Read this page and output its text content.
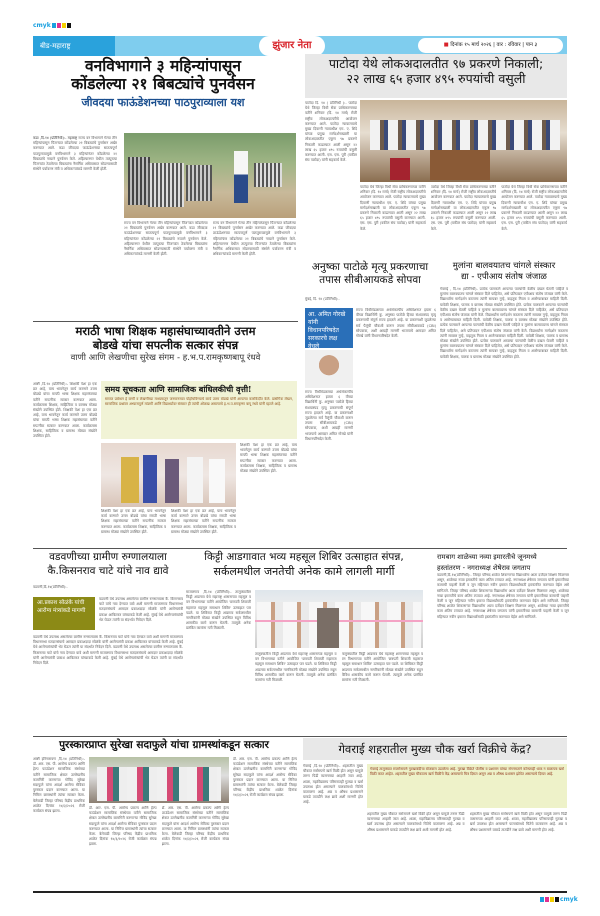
cmyk
बीड-महाराष्ट्र	झुंजार नेता	■ दिनांक १५ मार्च २०२६ | वार : रविवार | पान ३
वनविभागाने ३ महिन्यांपासून
कोंडलेल्या २१ बिबट्यांचे पुनर्वसन
जीवदया फाऊंडेशनच्या पाठपुराव्याला यश
कडा ,दि.१४ (प्रतिनिधी):- महाराष्ट्र राज्य वन विभागाने गेल्या तीन महिन्यांपासून पिंजऱ्यात कोंडलेल्या २१ बिबट्यांचे पुनर्वसन अखेर करण्यात आले. कडा जीवदया फाऊंडेशनच्या सातत्यपूर्ण पाठपुराव्यामुळे वनविभागाने ३ महिन्यांनंतर कोंडलेल्या २१ बिबट्यांचे नव्याने पुनर्वसन केले. अहिल्यानगर येथील तात्पुरत्या पिंजऱ्यांत ठेवलेल्या बिबट्यांना नैसर्गिक अधिवासात सोडण्यासाठी संस्थेने पर्यावरण मंत्री व अधिकाऱ्यांकडे मागणी केली होती.
राज्य वन विभागाने गेल्या तीन महिन्यांपासून पिंजऱ्यात कोंडलेल्या २१ बिबट्यांचे पुनर्वसन अखेर करण्यात आले. कडा जीवदया फाऊंडेशनच्या सातत्यपूर्ण पाठपुराव्यामुळे वनविभागाने ३ महिन्यांनंतर कोंडलेल्या २१ बिबट्यांचे नव्याने पुनर्वसन केले. अहिल्यानगर येथील तात्पुरत्या पिंजऱ्यांत ठेवलेल्या बिबट्यांना नैसर्गिक अधिवासात सोडण्यासाठी संस्थेने पर्यावरण मंत्री व अधिकाऱ्यांकडे मागणी केली होती.
राज्य वन विभागाने गेल्या तीन महिन्यांपासून पिंजऱ्यात कोंडलेल्या २१ बिबट्यांचे पुनर्वसन अखेर करण्यात आले. कडा जीवदया फाऊंडेशनच्या सातत्यपूर्ण पाठपुराव्यामुळे वनविभागाने ३ महिन्यांनंतर कोंडलेल्या २१ बिबट्यांचे नव्याने पुनर्वसन केले. अहिल्यानगर येथील तात्पुरत्या पिंजऱ्यांत ठेवलेल्या बिबट्यांना नैसर्गिक अधिवासात सोडण्यासाठी संस्थेने पर्यावरण मंत्री व अधिकाऱ्यांकडे मागणी केली होती.
पाटोदा येथे लोकअदालतीत ९७ प्रकरणे निकाली;
२२ लाख ६५ हजार ४९५ रुपयांची वसुली
पाटोदा दि. १४ ( प्रतिनिधी ):- पाटोदा येथे जिल्हा विधी सेवा प्राधिकरणाच्या वतीने शनिवार (दि. १४ मार्च) रोजी राष्ट्रीय लोकअदालतीचे आयोजन करण्यात आले. पाटोदा न्यायालयाचे मुख्य दिवाणी न्यायाधीश एम. ए. शिंदे यांच्या प्रमुख मार्गदर्शनाखाली या लोकअदालतीत एकूण ९७ प्रकरणे निकाली काढण्यात आली असून २२ लाख ६५ हजार ४९५ रुपयांची वसुली करण्यात आली. एस. एस. पुरी (वकील संघ पाटोदा) यांनी सहकार्य केले.
पाटोदा येथे जिल्हा विधी सेवा प्राधिकरणाच्या वतीने शनिवार (दि. १४ मार्च) रोजी राष्ट्रीय लोकअदालतीचे आयोजन करण्यात आले. पाटोदा न्यायालयाचे मुख्य दिवाणी न्यायाधीश एम. ए. शिंदे यांच्या प्रमुख मार्गदर्शनाखाली या लोकअदालतीत एकूण ९७ प्रकरणे निकाली काढण्यात आली असून २२ लाख ६५ हजार ४९५ रुपयांची वसुली करण्यात आली. एस. एस. पुरी (वकील संघ पाटोदा) यांनी सहकार्य केले.
पाटोदा येथे जिल्हा विधी सेवा प्राधिकरणाच्या वतीने शनिवार (दि. १४ मार्च) रोजी राष्ट्रीय लोकअदालतीचे आयोजन करण्यात आले. पाटोदा न्यायालयाचे मुख्य दिवाणी न्यायाधीश एम. ए. शिंदे यांच्या प्रमुख मार्गदर्शनाखाली या लोकअदालतीत एकूण ९७ प्रकरणे निकाली काढण्यात आली असून २२ लाख ६५ हजार ४९५ रुपयांची वसुली करण्यात आली. एस. एस. पुरी (वकील संघ पाटोदा) यांनी सहकार्य केले.
पाटोदा येथे जिल्हा विधी सेवा प्राधिकरणाच्या वतीने शनिवार (दि. १४ मार्च) रोजी राष्ट्रीय लोकअदालतीचे आयोजन करण्यात आले. पाटोदा न्यायालयाचे मुख्य दिवाणी न्यायाधीश एम. ए. शिंदे यांच्या प्रमुख मार्गदर्शनाखाली या लोकअदालतीत एकूण ९७ प्रकरणे निकाली काढण्यात आली असून २२ लाख ६५ हजार ४९५ रुपयांची वसुली करण्यात आली. एस. एस. पुरी (वकील संघ पाटोदा) यांनी सहकार्य केले.
अनुष्का पाटोळे मृत्यू प्रकरणाचा
तपास सीबीआयकडे सोपवा
मुंबई, दि. १४ (प्रतिनिधी):-
आ. अमित गोरखे यांनी विधानपरिषदेत सरकारचे लक्ष वेधले
राज्य विधीमंडळाच्या अर्थसंकल्पीय अधिवेशनात इयत्ता ६ वीच्या विद्यार्थिनी कु. अनुष्का पाटोळे हिच्या संशयास्पद मृत्यू प्रकरणाची संपूर्ण राज्य हादरले आहे. या प्रकरणाशी जुडलेल्या सर्व पैलूंची चौकशी करून तपास सीबीआयकडे (CBI) सोपवावा, अशी आग्रही मागणी भाजपाचे आमदार अमित गोरखे यांनी विधानपरिषदेत केली.
राज्य विधीमंडळाच्या अर्थसंकल्पीय अधिवेशनात इयत्ता ६ वीच्या विद्यार्थिनी कु. अनुष्का पाटोळे हिच्या संशयास्पद मृत्यू प्रकरणाची संपूर्ण राज्य हादरले आहे. या प्रकरणाशी जुडलेल्या सर्व पैलूंची चौकशी करून तपास सीबीआयकडे (CBI) सोपवावा, अशी आग्रही मागणी भाजपाचे आमदार अमित गोरखे यांनी विधानपरिषदेत केली.
मुलांना बालवयातच चांगले संस्कार
द्या - एपीआय संतोष जंजाळ
गेवराई , दि.१४ (प्रतिनिधी)- प्रत्येक पालकाने आपल्या पाल्यांची वेळीच दखल घेतली पाहिजे व मुलांना बालवयातच चांगले संस्कार दिले पाहिजेत, असे प्रतिपादन एपीआय संतोष जंजाळ यांनी केले. विद्यार्थ्यांना मार्गदर्शन करताना त्यांनी सायबर गुन्हे, वाहतूक नियम व आरोग्याबाबत माहिती दिली. यावेळी शिक्षक, पालक व ग्रामस्थ मोठ्या संख्येने उपस्थित होते. प्रत्येक पालकाने आपल्या पाल्यांची वेळीच दखल घेतली पाहिजे व मुलांना बालवयातच चांगले संस्कार दिले पाहिजेत, असे प्रतिपादन एपीआय संतोष जंजाळ यांनी केले. विद्यार्थ्यांना मार्गदर्शन करताना त्यांनी सायबर गुन्हे, वाहतूक नियम व आरोग्याबाबत माहिती दिली. यावेळी शिक्षक, पालक व ग्रामस्थ मोठ्या संख्येने उपस्थित होते. प्रत्येक पालकाने आपल्या पाल्यांची वेळीच दखल घेतली पाहिजे व मुलांना बालवयातच चांगले संस्कार दिले पाहिजेत, असे प्रतिपादन एपीआय संतोष जंजाळ यांनी केले. विद्यार्थ्यांना मार्गदर्शन करताना त्यांनी सायबर गुन्हे, वाहतूक नियम व आरोग्याबाबत माहिती दिली. यावेळी शिक्षक, पालक व ग्रामस्थ मोठ्या संख्येने उपस्थित होते. प्रत्येक पालकाने आपल्या पाल्यांची वेळीच दखल घेतली पाहिजे व मुलांना बालवयातच चांगले संस्कार दिले पाहिजेत, असे प्रतिपादन एपीआय संतोष जंजाळ यांनी केले. विद्यार्थ्यांना मार्गदर्शन करताना त्यांनी सायबर गुन्हे, वाहतूक नियम व आरोग्याबाबत माहिती दिली. यावेळी शिक्षक, पालक व ग्रामस्थ मोठ्या संख्येने उपस्थित होते.
मराठी भाषा शिक्षक महासंघाच्यावतीने उत्तम
बोडखे यांचा सपत्नीक सत्कार संपन्न
वाणी आणि लेखणीचा सुरेख संगम - ह.भ.प.रामकृष्णबापू रंधवे
आष्टी ,दि.१४ (प्रतिनिधी):- शिक्षकी पेशा हा एक व्रत आहे, याच भावनेतून कार्य करणारे उत्तम बोडखे यांचा मराठी भाषा शिक्षक महासंघाच्या वतीने सपत्नीक सत्कार करण्यात आला. कार्यक्रमास शिक्षक, साहित्यिक व ग्रामस्थ मोठ्या संख्येने उपस्थित होते. शिक्षकी पेशा हा एक व्रत आहे, याच भावनेतून कार्य करणारे उत्तम बोडखे यांचा मराठी भाषा शिक्षक महासंघाच्या वतीने सपत्नीक सत्कार करण्यात आला. कार्यक्रमास शिक्षक, साहित्यिक व ग्रामस्थ मोठ्या संख्येने उपस्थित होते.
समय सूचकता आणि सामाजिक बांधिलकीची वृत्ती!
समाज प्रबोधन हे वाणी व लेखणीच्या माध्यमातून जनमानसात पोहोचविण्याचे कार्य उत्तम बोडखे यांनी आपल्या कारकिर्दीत केले. प्रासंगिक लेखन, सामाजिक प्रश्नांवर अभ्यासपूर्ण मांडणी आणि विद्यार्थ्यांवर संस्कार ही त्यांची ओळख असल्याचे ह.भ.प.रामकृष्ण बापू रंधवे यांनी म्हटले आहे.
शिक्षकी पेशा हा एक व्रत आहे, याच भावनेतून कार्य करणारे उत्तम बोडखे यांचा मराठी भाषा शिक्षक महासंघाच्या वतीने सपत्नीक सत्कार करण्यात आला. कार्यक्रमास शिक्षक, साहित्यिक व ग्रामस्थ मोठ्या संख्येने उपस्थित होते.
शिक्षकी पेशा हा एक व्रत आहे, याच भावनेतून कार्य करणारे उत्तम बोडखे यांचा मराठी भाषा शिक्षक महासंघाच्या वतीने सपत्नीक सत्कार करण्यात आला. कार्यक्रमास शिक्षक, साहित्यिक व ग्रामस्थ मोठ्या संख्येने उपस्थित होते.
शिक्षकी पेशा हा एक व्रत आहे, याच भावनेतून कार्य करणारे उत्तम बोडखे यांचा मराठी भाषा शिक्षक महासंघाच्या वतीने सपत्नीक सत्कार करण्यात आला. कार्यक्रमास शिक्षक, साहित्यिक व ग्रामस्थ मोठ्या संख्येने उपस्थित होते.
वडवणीच्या ग्रामीण रुग्णालयाला
कै.किसनराव चाटे यांचे नाव द्यावे
वडवणी,दि.१४(प्रतिनिधी):-
आ.प्रकाश सोळंके यांची आरोग्य मंत्र्यांकडे मागणी
वडवणी येथे उपलब्ध असलेल्या ग्रामीण रुग्णालयास कै. किसनराव चाटे यांचे नाव देण्यात यावे अशी मागणी माजलगाव विधानसभा मतदारसंघाचे आमदार प्रकाशदादा सोळंके यांनी आरोग्यमंत्री प्रकाश आबिटकर यांच्याकडे केली आहे. मुंबई येथे आरोग्यमंत्र्यांची भेट घेऊन त्यांनी या संदर्भात निवेदन दिले.
वडवणी येथे उपलब्ध असलेल्या ग्रामीण रुग्णालयास कै. किसनराव चाटे यांचे नाव देण्यात यावे अशी मागणी माजलगाव विधानसभा मतदारसंघाचे आमदार प्रकाशदादा सोळंके यांनी आरोग्यमंत्री प्रकाश आबिटकर यांच्याकडे केली आहे. मुंबई येथे आरोग्यमंत्र्यांची भेट घेऊन त्यांनी या संदर्भात निवेदन दिले. वडवणी येथे उपलब्ध असलेल्या ग्रामीण रुग्णालयास कै. किसनराव चाटे यांचे नाव देण्यात यावे अशी मागणी माजलगाव विधानसभा मतदारसंघाचे आमदार प्रकाशदादा सोळंके यांनी आरोग्यमंत्री प्रकाश आबिटकर यांच्याकडे केली आहे. मुंबई येथे आरोग्यमंत्र्यांची भेट घेऊन त्यांनी या संदर्भात निवेदन दिले.
किट्टी आडगावात भव्य महसूल शिबिर उत्साहात संपन्न,
सर्कलमधील जनतेची अनेक कामे लागली मार्गी
माजलगाव ,दि.१४ (प्रतिनिधी):- तालुक्यातील किट्टी आडगाव येथे महाराष्ट्र शासनाच्या महसूल व वन विभागाच्या वतीने आयोजित 'छत्रपती शिवाजी महाराज महसूल समाधान शिबिर' उत्साहात पार पडले. या शिबिरात किट्टी आडगाव सर्कलमधील नागरिकांनी मोठ्या संख्येने उपस्थित राहून विविध शासकीय कामे करून घेतली. त्यामुळे अनेक प्रलंबित कामांना गती मिळाली.
तालुक्यातील किट्टी आडगाव येथे महाराष्ट्र शासनाच्या महसूल व वन विभागाच्या वतीने आयोजित 'छत्रपती शिवाजी महाराज महसूल समाधान शिबिर' उत्साहात पार पडले. या शिबिरात किट्टी आडगाव सर्कलमधील नागरिकांनी मोठ्या संख्येने उपस्थित राहून विविध शासकीय कामे करून घेतली. त्यामुळे अनेक प्रलंबित कामांना गती मिळाली.
तालुक्यातील किट्टी आडगाव येथे महाराष्ट्र शासनाच्या महसूल व वन विभागाच्या वतीने आयोजित 'छत्रपती शिवाजी महाराज महसूल समाधान शिबिर' उत्साहात पार पडले. या शिबिरात किट्टी आडगाव सर्कलमधील नागरिकांनी मोठ्या संख्येने उपस्थित राहून विविध शासकीय कामे करून घेतली. त्यामुळे अनेक प्रलंबित कामांना गती मिळाली.
रामबाग शाळेच्या नव्या इमारतीचे जूनमध्ये
हस्तांतरण - नगराध्यक्ष शेषेराव जगताप
वडवणी,दि.१४(प्रतिनिधी):- जिल्हा परिषद शाळेत शिकणाऱ्या विद्यार्थ्यांना आता दर्जेदार शिक्षण मिळणार असून, शाळेच्या नव्या इमारतीचे काम अंतिम टप्प्यात आहे. नगराध्यक्ष शेषेराव जगताप यांनी इमारतीच्या कामाची पाहणी केली व जून महिन्यात नवीन इमारत विद्यार्थ्यांसाठी हस्तांतरित करण्यात येईल असे सांगितले. जिल्हा परिषद शाळेत शिकणाऱ्या विद्यार्थ्यांना आता दर्जेदार शिक्षण मिळणार असून, शाळेच्या नव्या इमारतीचे काम अंतिम टप्प्यात आहे. नगराध्यक्ष शेषेराव जगताप यांनी इमारतीच्या कामाची पाहणी केली व जून महिन्यात नवीन इमारत विद्यार्थ्यांसाठी हस्तांतरित करण्यात येईल असे सांगितले. जिल्हा परिषद शाळेत शिकणाऱ्या विद्यार्थ्यांना आता दर्जेदार शिक्षण मिळणार असून, शाळेच्या नव्या इमारतीचे काम अंतिम टप्प्यात आहे. नगराध्यक्ष शेषेराव जगताप यांनी इमारतीच्या कामाची पाहणी केली व जून महिन्यात नवीन इमारत विद्यार्थ्यांसाठी हस्तांतरित करण्यात येईल असे सांगितले.
पुरस्कारप्राप्त सुरेखा सदाफुले यांचा ग्रामस्थांकडून सत्कार
आष्टी हरिनारायण ,दि.१४ (प्रतिनिधी):- डॉ. आर. एस. पी. आरोग्य प्रकल्प आणि हेल्प फाउंडेशन सामाजिक संस्थेच्या वतीने सामाजिक क्षेत्रात उल्लेखनीय कामगिरी करणाऱ्या गोविंद सुरेखा सदाफुले यांना आदर्श आरोग्य सेविका पुरस्कार प्रदान करण्यात आला. या निमित्त ग्रामस्थांनी त्यांचा सत्कार केला. बेलेवाडी जिल्हा परिषद केंद्रीय प्राथमिक शाळेत दिनांक १४/३/२०२६ रोजी कार्यक्रम संपन्न झाला.
डॉ. आर. एस. पी. आरोग्य प्रकल्प आणि हेल्प फाउंडेशन सामाजिक संस्थेच्या वतीने सामाजिक क्षेत्रात उल्लेखनीय कामगिरी करणाऱ्या गोविंद सुरेखा सदाफुले यांना आदर्श आरोग्य सेविका पुरस्कार प्रदान करण्यात आला. या निमित्त ग्रामस्थांनी त्यांचा सत्कार केला. बेलेवाडी जिल्हा परिषद केंद्रीय प्राथमिक शाळेत दिनांक १४/३/२०२६ रोजी कार्यक्रम संपन्न झाला.
डॉ. आर. एस. पी. आरोग्य प्रकल्प आणि हेल्प फाउंडेशन सामाजिक संस्थेच्या वतीने सामाजिक क्षेत्रात उल्लेखनीय कामगिरी करणाऱ्या गोविंद सुरेखा सदाफुले यांना आदर्श आरोग्य सेविका पुरस्कार प्रदान करण्यात आला. या निमित्त ग्रामस्थांनी त्यांचा सत्कार केला. बेलेवाडी जिल्हा परिषद केंद्रीय प्राथमिक शाळेत दिनांक १४/३/२०२६ रोजी कार्यक्रम संपन्न झाला.
डॉ. आर. एस. पी. आरोग्य प्रकल्प आणि हेल्प फाउंडेशन सामाजिक संस्थेच्या वतीने सामाजिक क्षेत्रात उल्लेखनीय कामगिरी करणाऱ्या गोविंद सुरेखा सदाफुले यांना आदर्श आरोग्य सेविका पुरस्कार प्रदान करण्यात आला. या निमित्त ग्रामस्थांनी त्यांचा सत्कार केला. बेलेवाडी जिल्हा परिषद केंद्रीय प्राथमिक शाळेत दिनांक १४/३/२०२६ रोजी कार्यक्रम संपन्न झाला.
गेवराई शहरातील मुख्य चौक खर्रा विक्रीचे केंद्र?
गेवराई ,दि.१४ (प्रतिनिधी):- शहरातील मुख्य चौकात सर्रासपणे खर्रा विक्री होत असून यामुळे तरुण पिढी व्यसनाच्या आहारी जात आहे. शाळा, महाविद्यालय परिसरातही गुटखा व खर्रा उपलब्ध होत असल्याने पालकांमध्ये चिंतेचे वातावरण आहे. अन्न व औषध प्रशासनाने याकडे तातडीने लक्ष द्यावे अशी मागणी होत आहे.
गेवराई तालुक्यात राजरोसपणे गुटखाबंदीचा बोजवारा उडालेला आहे. गुटखा विक्रेते पोलीस व प्रशासन यांच्या संगनमताने कोणताही धाक न बाळगता खर्रा विक्री करत आहेत. शहरातील मुख्य चौकातच खर्रा विक्रीचे केंद्र असल्याचे चित्र दिसत असून अन्न व औषध प्रशासन झोपेत असल्याचे दिसत आहे.
शहरातील मुख्य चौकात सर्रासपणे खर्रा विक्री होत असून यामुळे तरुण पिढी व्यसनाच्या आहारी जात आहे. शाळा, महाविद्यालय परिसरातही गुटखा व खर्रा उपलब्ध होत असल्याने पालकांमध्ये चिंतेचे वातावरण आहे. अन्न व औषध प्रशासनाने याकडे तातडीने लक्ष द्यावे अशी मागणी होत आहे.
शहरातील मुख्य चौकात सर्रासपणे खर्रा विक्री होत असून यामुळे तरुण पिढी व्यसनाच्या आहारी जात आहे. शाळा, महाविद्यालय परिसरातही गुटखा व खर्रा उपलब्ध होत असल्याने पालकांमध्ये चिंतेचे वातावरण आहे. अन्न व औषध प्रशासनाने याकडे तातडीने लक्ष द्यावे अशी मागणी होत आहे.
cmyk
